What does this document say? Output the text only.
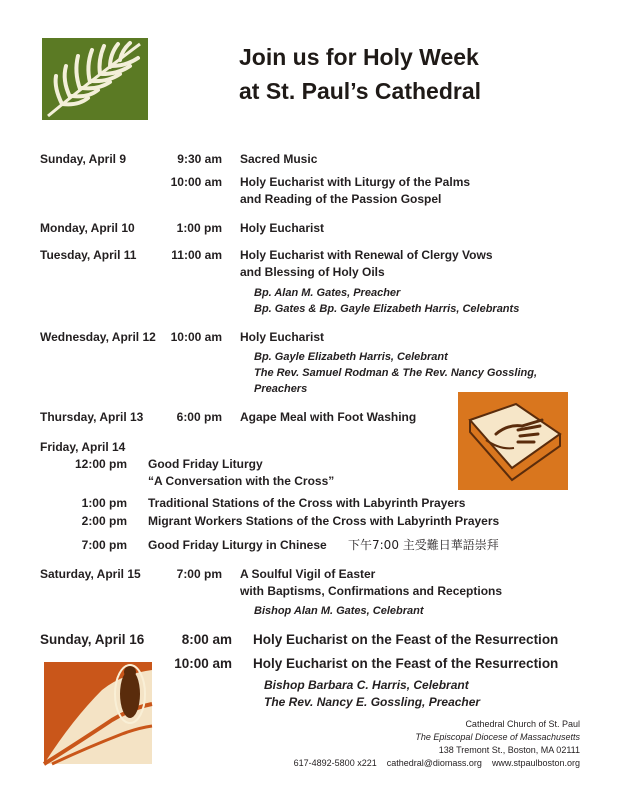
Join us for Holy Week
at St. Paul’s Cathedral
Sunday, April 9	9:30 am Sacred Music
10:00 am Holy Eucharist with Liturgy of the Palms
and Reading of the Passion Gospel
Monday, April 10	1:00 pm Holy Eucharist
Tuesday, April 11	11:00 am Holy Eucharist with Renewal of Clergy Vows
and Blessing of Holy Oils
Bp. Alan M. Gates, Preacher
Bp. Gates & Bp. Gayle Elizabeth Harris, Celebrants
Wednesday, April 12 10:00 am Holy Eucharist
Bp. Gayle Elizabeth Harris, Celebrant
The Rev. Samuel Rodman & The Rev. Nancy Gossling,
Preachers
Thursday, April 13	6:00 pm Agape Meal with Foot Washing
Friday, April 14
12:00 pm Good Friday Liturgy
“A Conversation with the Cross”
1:00 pm Traditional Stations of the Cross with Labyrinth Prayers
2:00 pm Migrant Workers Stations of the Cross with Labyrinth Prayers
7:00 pm Good Friday Liturgy in Chinese 下午7:00 主受難日華語崇拜
Saturday, April 15	7:00 pm A Soulful Vigil of Easter
with Baptisms, Confirmations and Receptions
Bishop Alan M. Gates, Celebrant
Sunday, April 16	8:00 am Holy Eucharist on the Feast of the Resurrection
10:00 am Holy Eucharist on the Feast of the Resurrection
Bishop Barbara C. Harris, Celebrant
The Rev. Nancy E. Gossling, Preacher
Cathedral Church of St. Paul
The Episcopal Diocese of Massachusetts
138 Tremont St., Boston, MA 02111
617-4892-5800 x221 cathedral@diomass.org www.stpaulboston.org
